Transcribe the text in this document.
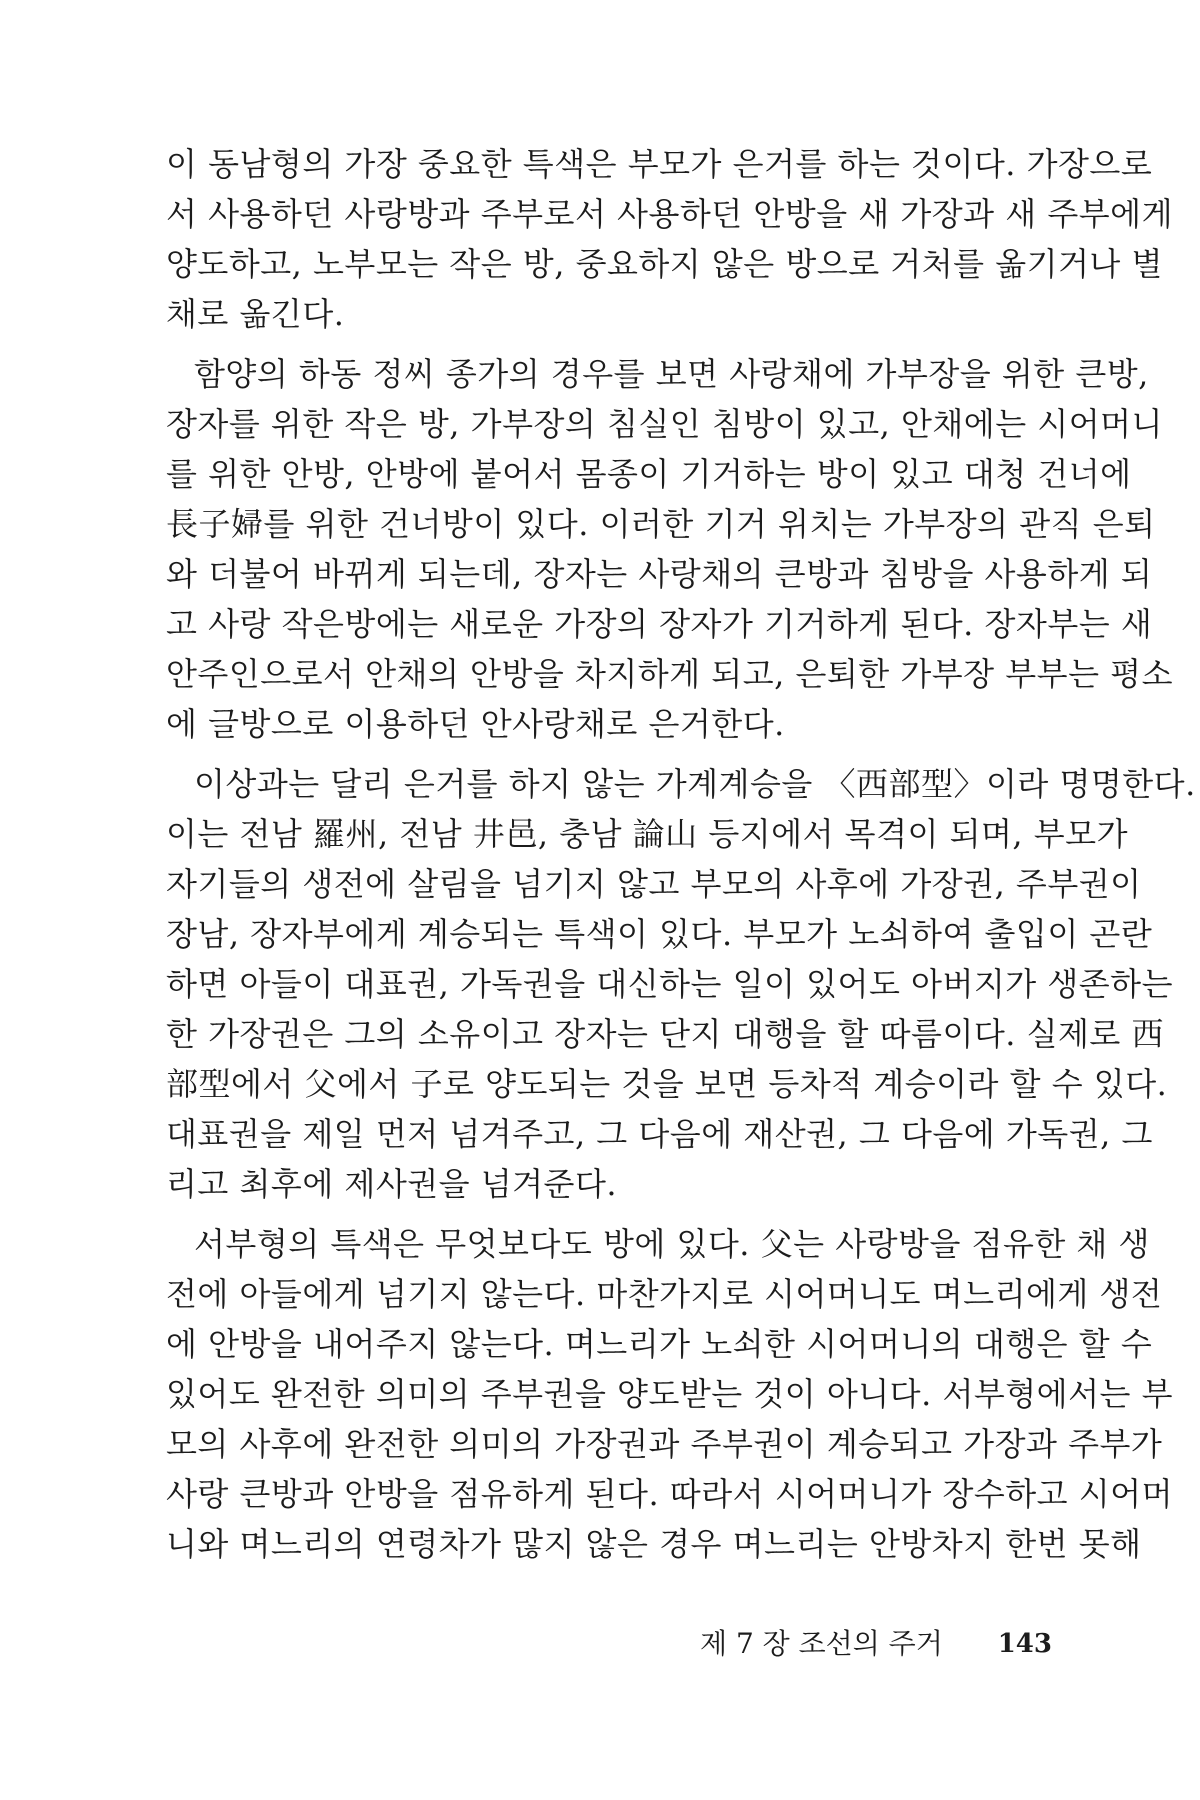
이 동남형의 가장 중요한 특색은 부모가 은거를 하는 것이다. 가장으로
서 사용하던 사랑방과 주부로서 사용하던 안방을 새 가장과 새 주부에게
양도하고, 노부모는 작은 방, 중요하지 않은 방으로 거처를 옮기거나 별
채로 옮긴다.
함양의 하동 정씨 종가의 경우를 보면 사랑채에 가부장을 위한 큰방,
장자를 위한 작은 방, 가부장의 침실인 침방이 있고, 안채에는 시어머니
를 위한 안방, 안방에 붙어서 몸종이 기거하는 방이 있고 대청 건너에
長子婦를 위한 건너방이 있다. 이러한 기거 위치는 가부장의 관직 은퇴
와 더불어 바뀌게 되는데, 장자는 사랑채의 큰방과 침방을 사용하게 되
고 사랑 작은방에는 새로운 가장의 장자가 기거하게 된다. 장자부는 새
안주인으로서 안채의 안방을 차지하게 되고, 은퇴한 가부장 부부는 평소
에 글방으로 이용하던 안사랑채로 은거한다.
이상과는 달리 은거를 하지 않는 가계계승을 〈西部型〉이라 명명한다.
이는 전남 羅州, 전남 井邑, 충남 論山 등지에서 목격이 되며, 부모가
자기들의 생전에 살림을 넘기지 않고 부모의 사후에 가장권, 주부권이
장남, 장자부에게 계승되는 특색이 있다. 부모가 노쇠하여 출입이 곤란
하면 아들이 대표권, 가독권을 대신하는 일이 있어도 아버지가 생존하는
한 가장권은 그의 소유이고 장자는 단지 대행을 할 따름이다. 실제로 西
部型에서 父에서 子로 양도되는 것을 보면 등차적 계승이라 할 수 있다.
대표권을 제일 먼저 넘겨주고, 그 다음에 재산권, 그 다음에 가독권, 그
리고 최후에 제사권을 넘겨준다.
서부형의 특색은 무엇보다도 방에 있다. 父는 사랑방을 점유한 채 생
전에 아들에게 넘기지 않는다. 마찬가지로 시어머니도 며느리에게 생전
에 안방을 내어주지 않는다. 며느리가 노쇠한 시어머니의 대행은 할 수
있어도 완전한 의미의 주부권을 양도받는 것이 아니다. 서부형에서는 부
모의 사후에 완전한 의미의 가장권과 주부권이 계승되고 가장과 주부가
사랑 큰방과 안방을 점유하게 된다. 따라서 시어머니가 장수하고 시어머
니와 며느리의 연령차가 많지 않은 경우 며느리는 안방차지 한번 못해
제 7 장 조선의 주거 143
